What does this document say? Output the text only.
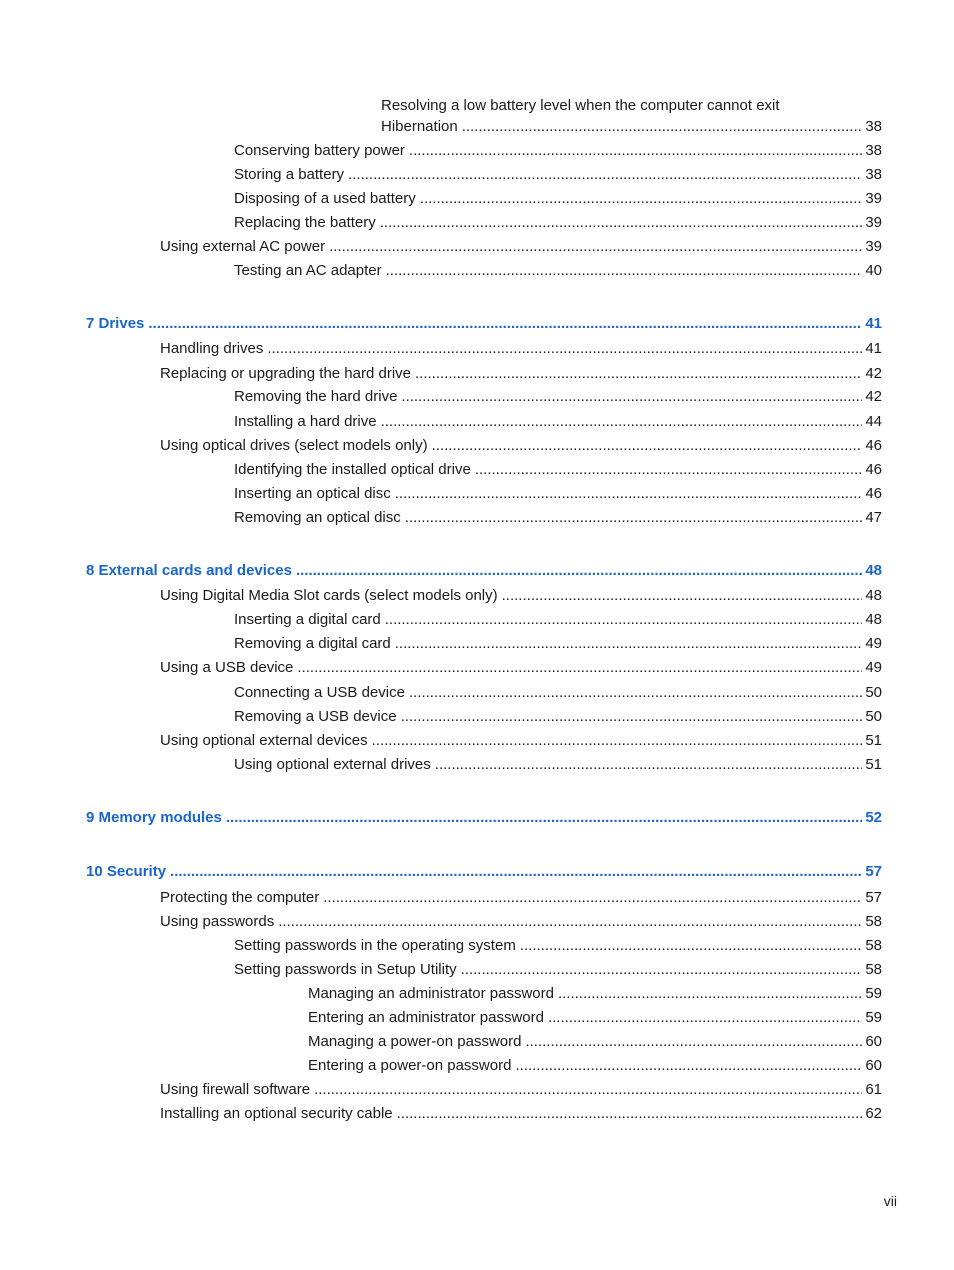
Resolving a low battery level when the computer cannot exit
Hibernation .....	38
Conserving battery power .....	38
Storing a battery .....	38
Disposing of a used battery .....	39
Replacing the battery .....	39
Using external AC power .....	39
Testing an AC adapter .....	40
7 Drives .....	41
Handling drives .....	41
Replacing or upgrading the hard drive .....	42
Removing the hard drive .....	42
Installing a hard drive .....	44
Using optical drives (select models only) .....	46
Identifying the installed optical drive .....	46
Inserting an optical disc .....	46
Removing an optical disc .....	47
8 External cards and devices .....	48
Using Digital Media Slot cards (select models only) .....	48
Inserting a digital card .....	48
Removing a digital card .....	49
Using a USB device .....	49
Connecting a USB device .....	50
Removing a USB device .....	50
Using optional external devices .....	51
Using optional external drives .....	51
9 Memory modules .....	52
10 Security .....	57
Protecting the computer .....	57
Using passwords .....	58
Setting passwords in the operating system .....	58
Setting passwords in Setup Utility .....	58
Managing an administrator password .....	59
Entering an administrator password .....	59
Managing a power-on password .....	60
Entering a power-on password .....	60
Using firewall software .....	61
Installing an optional security cable .....	62
vii
